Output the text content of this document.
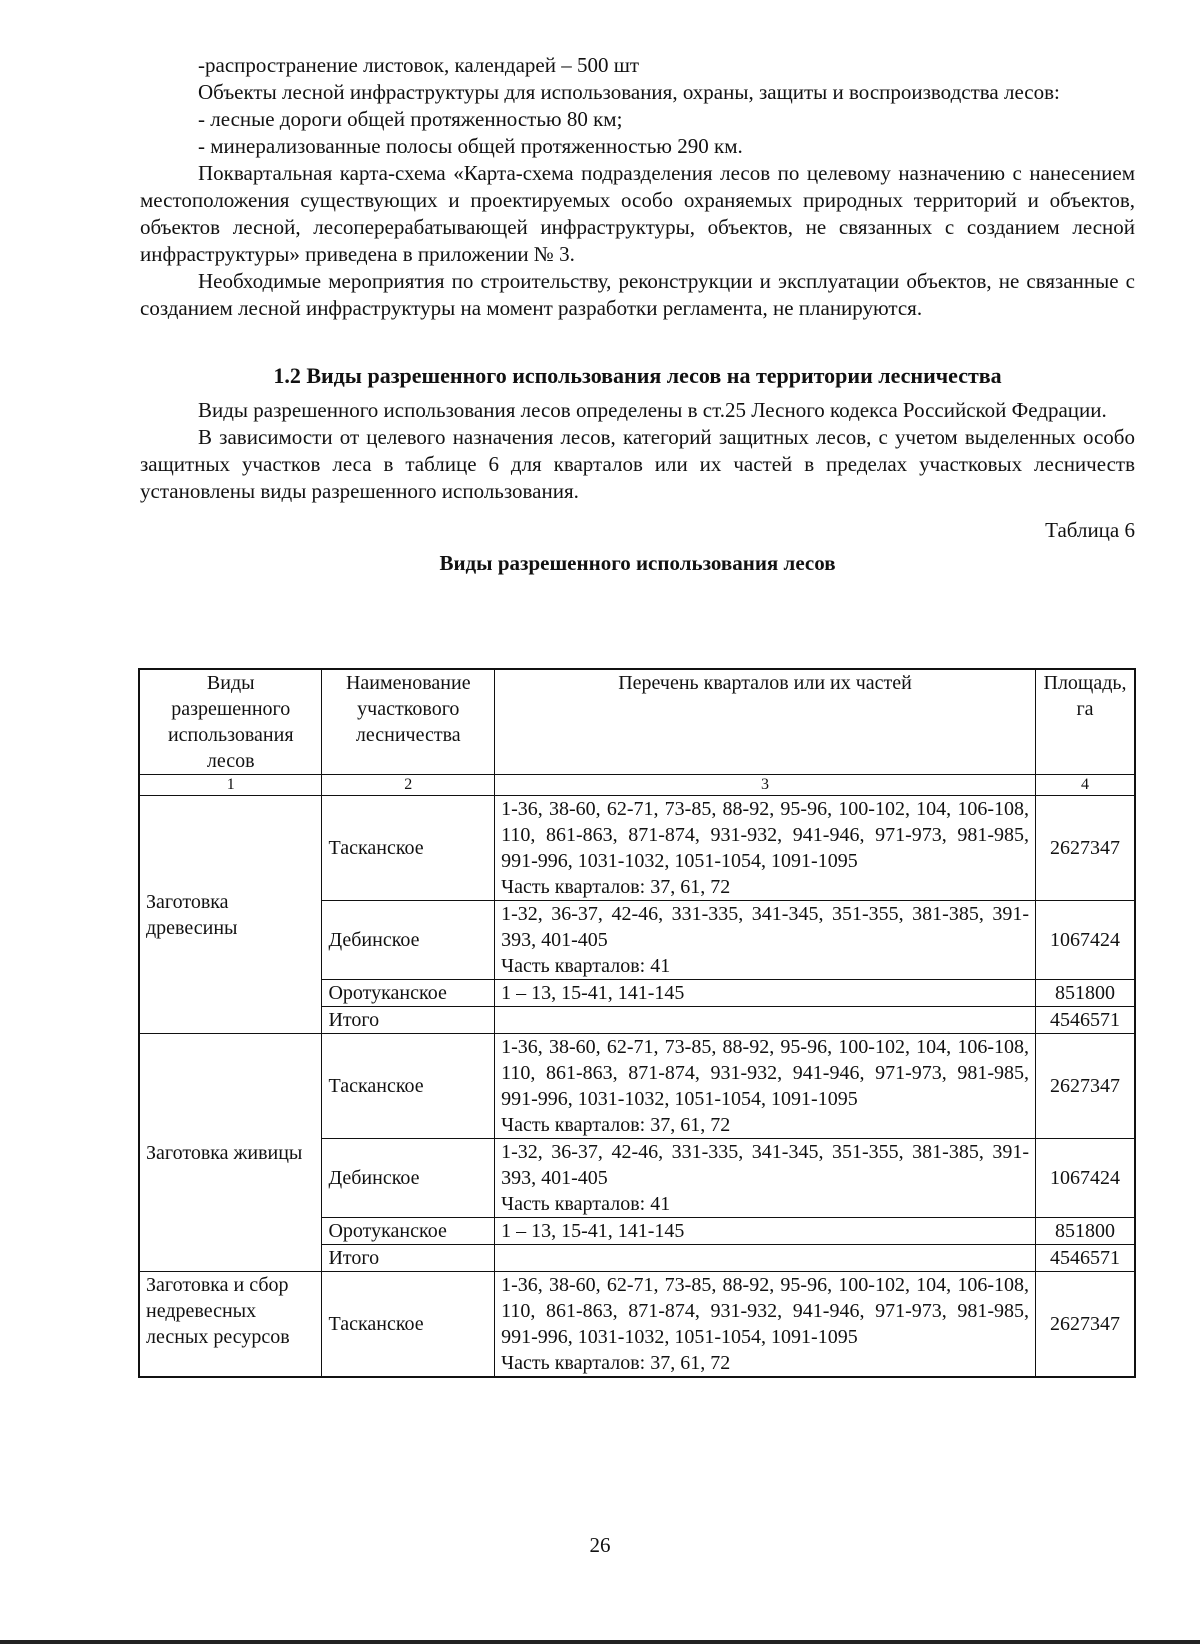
-распространение листовок, календарей – 500 шт

Объекты лесной инфраструктуры для использования, охраны, защиты и воспроизводства лесов:

- лесные дороги общей протяженностью 80 км;

- минерализованные полосы общей протяженностью 290 км.

Поквартальная карта-схема «Карта-схема подразделения лесов по целевому назначению с нанесением местоположения существующих и проектируемых особо охраняемых природных территорий и объектов, объектов лесной, лесоперерабатывающей инфраструктуры, объектов, не связанных с созданием лесной инфраструктуры» приведена в приложении № 3.

Необходимые мероприятия по строительству, реконструкции и эксплуатации объектов, не связанные с созданием лесной инфраструктуры на момент разработки регламента, не планируются.

1.2 Виды разрешенного использования лесов на территории лесничества

Виды разрешенного использования лесов определены в ст.25 Лесного кодекса Российской Федрации.

В зависимости от целевого назначения лесов, категорий защитных лесов, с учетом выделенных особо защитных участков леса в таблице 6 для кварталов или их частей в пределах участковых лесничеств установлены виды разрешенного использования.

Таблица 6

Виды разрешенного использования лесов

Виды разрешенного использования лесов	Наименование участкового лесничества	Перечень кварталов или их частей	Площадь, га
1	2	3	4
Заготовка древесины	Тасканское	1-36, 38-60, 62-71, 73-85, 88-92, 95-96, 100-102, 104, 106-108, 110, 861-863, 871-874, 931-932, 941-946, 971-973, 981-985, 991-996, 1031-1032, 1051-1054, 1091-1095
Часть кварталов: 37, 61, 72	2627347
	Дебинское	1-32, 36-37, 42-46, 331-335, 341-345, 351-355, 381-385, 391-393, 401-405
Часть кварталов: 41	1067424
	Оротуканское	1 – 13, 15-41, 141-145	851800
	Итого		4546571
Заготовка живицы	Тасканское	1-36, 38-60, 62-71, 73-85, 88-92, 95-96, 100-102, 104, 106-108, 110, 861-863, 871-874, 931-932, 941-946, 971-973, 981-985, 991-996, 1031-1032, 1051-1054, 1091-1095
Часть кварталов: 37, 61, 72	2627347
	Дебинское	1-32, 36-37, 42-46, 331-335, 341-345, 351-355, 381-385, 391-393, 401-405
Часть кварталов: 41	1067424
	Оротуканское	1 – 13, 15-41, 141-145	851800
	Итого		4546571
Заготовка и сбор недревесных лесных ресурсов	Тасканское	1-36, 38-60, 62-71, 73-85, 88-92, 95-96, 100-102, 104, 106-108, 110, 861-863, 871-874, 931-932, 941-946, 971-973, 981-985, 991-996, 1031-1032, 1051-1054, 1091-1095
Часть кварталов: 37, 61, 72	2627347
26
